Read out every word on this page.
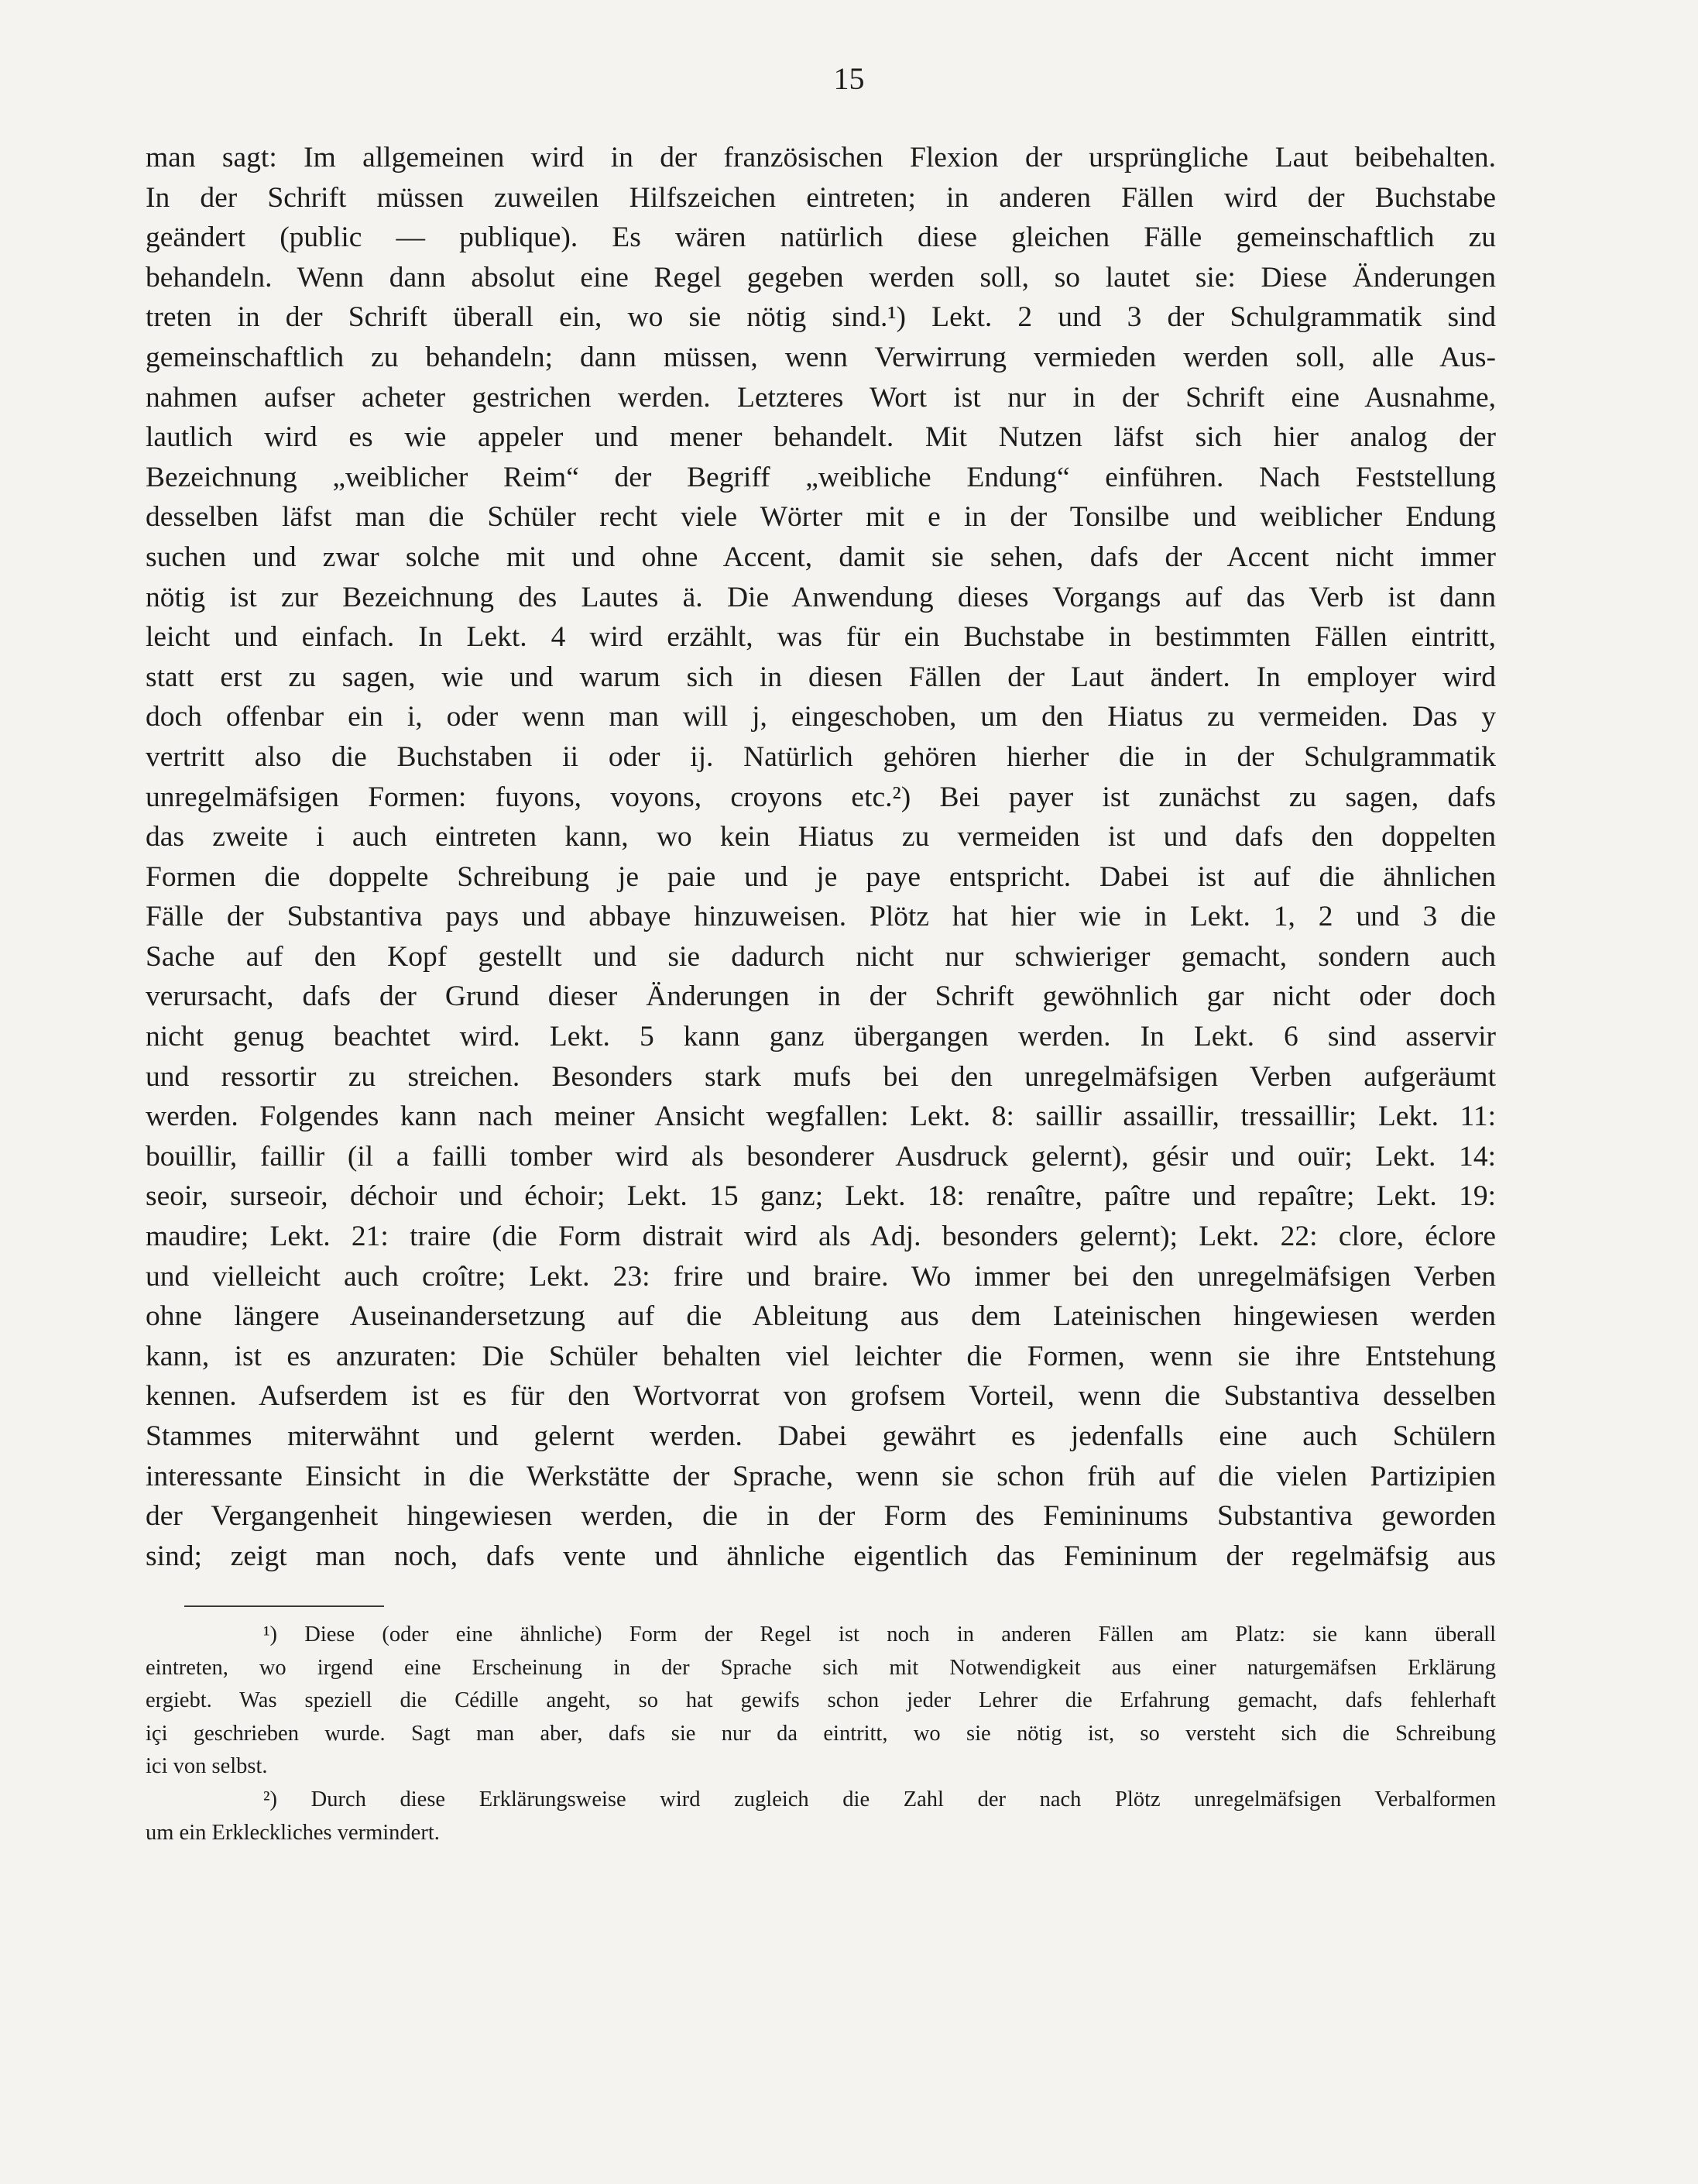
15
man sagt: Im allgemeinen wird in der französischen Flexion der ursprüngliche Laut beibehalten.
In der Schrift müssen zuweilen Hilfszeichen eintreten; in anderen Fällen wird der Buchstabe
geändert (public — publique). Es wären natürlich diese gleichen Fälle gemeinschaftlich zu
behandeln. Wenn dann absolut eine Regel gegeben werden soll, so lautet sie: Diese Änderungen
treten in der Schrift überall ein, wo sie nötig sind.¹) Lekt. 2 und 3 der Schulgrammatik sind
gemeinschaftlich zu behandeln; dann müssen, wenn Verwirrung vermieden werden soll, alle Aus-
nahmen aufser acheter gestrichen werden. Letzteres Wort ist nur in der Schrift eine Ausnahme,
lautlich wird es wie appeler und mener behandelt. Mit Nutzen läfst sich hier analog der
Bezeichnung „weiblicher Reim“ der Begriff „weibliche Endung“ einführen. Nach Feststellung
desselben läfst man die Schüler recht viele Wörter mit e in der Tonsilbe und weiblicher Endung
suchen und zwar solche mit und ohne Accent, damit sie sehen, dafs der Accent nicht immer
nötig ist zur Bezeichnung des Lautes ä. Die Anwendung dieses Vorgangs auf das Verb ist dann
leicht und einfach. In Lekt. 4 wird erzählt, was für ein Buchstabe in bestimmten Fällen eintritt,
statt erst zu sagen, wie und warum sich in diesen Fällen der Laut ändert. In employer wird
doch offenbar ein i, oder wenn man will j, eingeschoben, um den Hiatus zu vermeiden. Das y
vertritt also die Buchstaben ii oder ij. Natürlich gehören hierher die in der Schulgrammatik
unregelmäfsigen Formen: fuyons, voyons, croyons etc.²) Bei payer ist zunächst zu sagen, dafs
das zweite i auch eintreten kann, wo kein Hiatus zu vermeiden ist und dafs den doppelten
Formen die doppelte Schreibung je paie und je paye entspricht. Dabei ist auf die ähnlichen
Fälle der Substantiva pays und abbaye hinzuweisen. Plötz hat hier wie in Lekt. 1, 2 und 3 die
Sache auf den Kopf gestellt und sie dadurch nicht nur schwieriger gemacht, sondern auch
verursacht, dafs der Grund dieser Änderungen in der Schrift gewöhnlich gar nicht oder doch
nicht genug beachtet wird. Lekt. 5 kann ganz übergangen werden. In Lekt. 6 sind asservir
und ressortir zu streichen. Besonders stark mufs bei den unregelmäfsigen Verben aufgeräumt
werden. Folgendes kann nach meiner Ansicht wegfallen: Lekt. 8: saillir assaillir, tressaillir; Lekt. 11:
bouillir, faillir (il a failli tomber wird als besonderer Ausdruck gelernt), gésir und ouïr; Lekt. 14:
seoir, surseoir, déchoir und échoir; Lekt. 15 ganz; Lekt. 18: renaître, paître und repaître; Lekt. 19:
maudire; Lekt. 21: traire (die Form distrait wird als Adj. besonders gelernt); Lekt. 22: clore, éclore
und vielleicht auch croître; Lekt. 23: frire und braire. Wo immer bei den unregelmäfsigen Verben
ohne längere Auseinandersetzung auf die Ableitung aus dem Lateinischen hingewiesen werden
kann, ist es anzuraten: Die Schüler behalten viel leichter die Formen, wenn sie ihre Entstehung
kennen. Aufserdem ist es für den Wortvorrat von grofsem Vorteil, wenn die Substantiva desselben
Stammes miterwähnt und gelernt werden. Dabei gewährt es jedenfalls eine auch Schülern
interessante Einsicht in die Werkstätte der Sprache, wenn sie schon früh auf die vielen Partizipien
der Vergangenheit hingewiesen werden, die in der Form des Femininums Substantiva geworden
sind; zeigt man noch, dafs vente und ähnliche eigentlich das Femininum der regelmäfsig aus
¹) Diese (oder eine ähnliche) Form der Regel ist noch in anderen Fällen am Platz: sie kann überall
eintreten, wo irgend eine Erscheinung in der Sprache sich mit Notwendigkeit aus einer naturgemäfsen Erklärung
ergiebt. Was speziell die Cédille angeht, so hat gewifs schon jeder Lehrer die Erfahrung gemacht, dafs fehlerhaft
içi geschrieben wurde. Sagt man aber, dafs sie nur da eintritt, wo sie nötig ist, so versteht sich die Schreibung
ici von selbst.
²) Durch diese Erklärungsweise wird zugleich die Zahl der nach Plötz unregelmäfsigen Verbalformen
um ein Erkleckliches vermindert.
